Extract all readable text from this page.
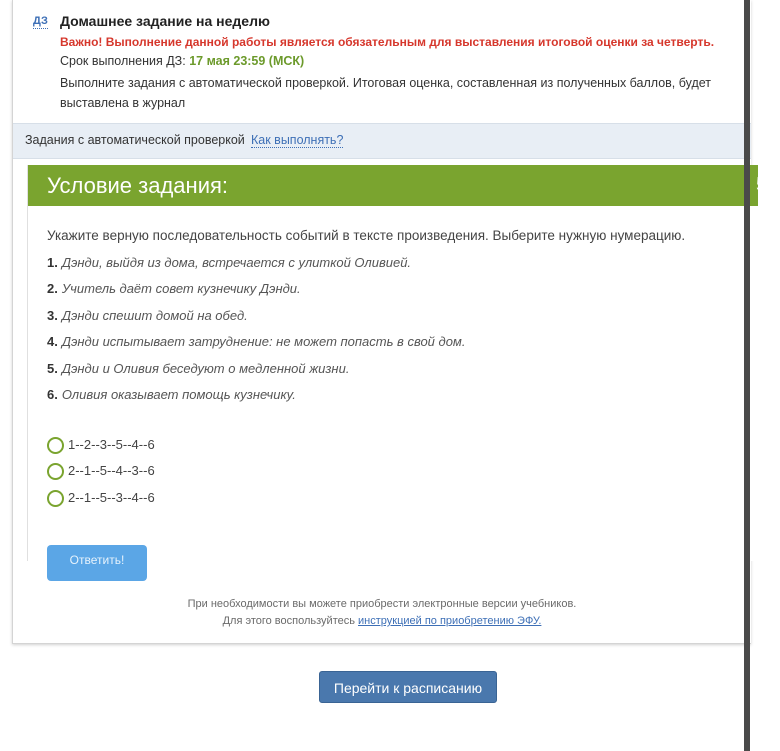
ДЗ Домашнее задание на неделю
Важно! Выполнение данной работы является обязательным для выставления итоговой оценки за четверть.
Срок выполнения ДЗ: 17 мая 23:59 (МСК)
Выполните задания с автоматической проверкой. Итоговая оценка, составленная из полученных баллов, будет выставлена в журнал
Задания с автоматической проверкой Как выполнять?
Условие задания:	5
Укажите верную последовательность событий в тексте произведения. Выберите нужную нумерацию.
1. Дэнди, выйдя из дома, встречается с улиткой Оливией.
2. Учитель даёт совет кузнечику Дэнди.
3. Дэнди спешит домой на обед.
4. Дэнди испытывает затруднение: не может попасть в свой дом.
5. Дэнди и Оливия беседуют о медленной жизни.
6. Оливия оказывает помощь кузнечику.
1--2--3--5--4--6
2--1--5--4--3--6
2--1--5--3--4--6
Ответить!
При необходимости вы можете приобрести электронные версии учебников.
Для этого воспользуйтесь инструкцией по приобретению ЭФУ.
Перейти к расписанию
